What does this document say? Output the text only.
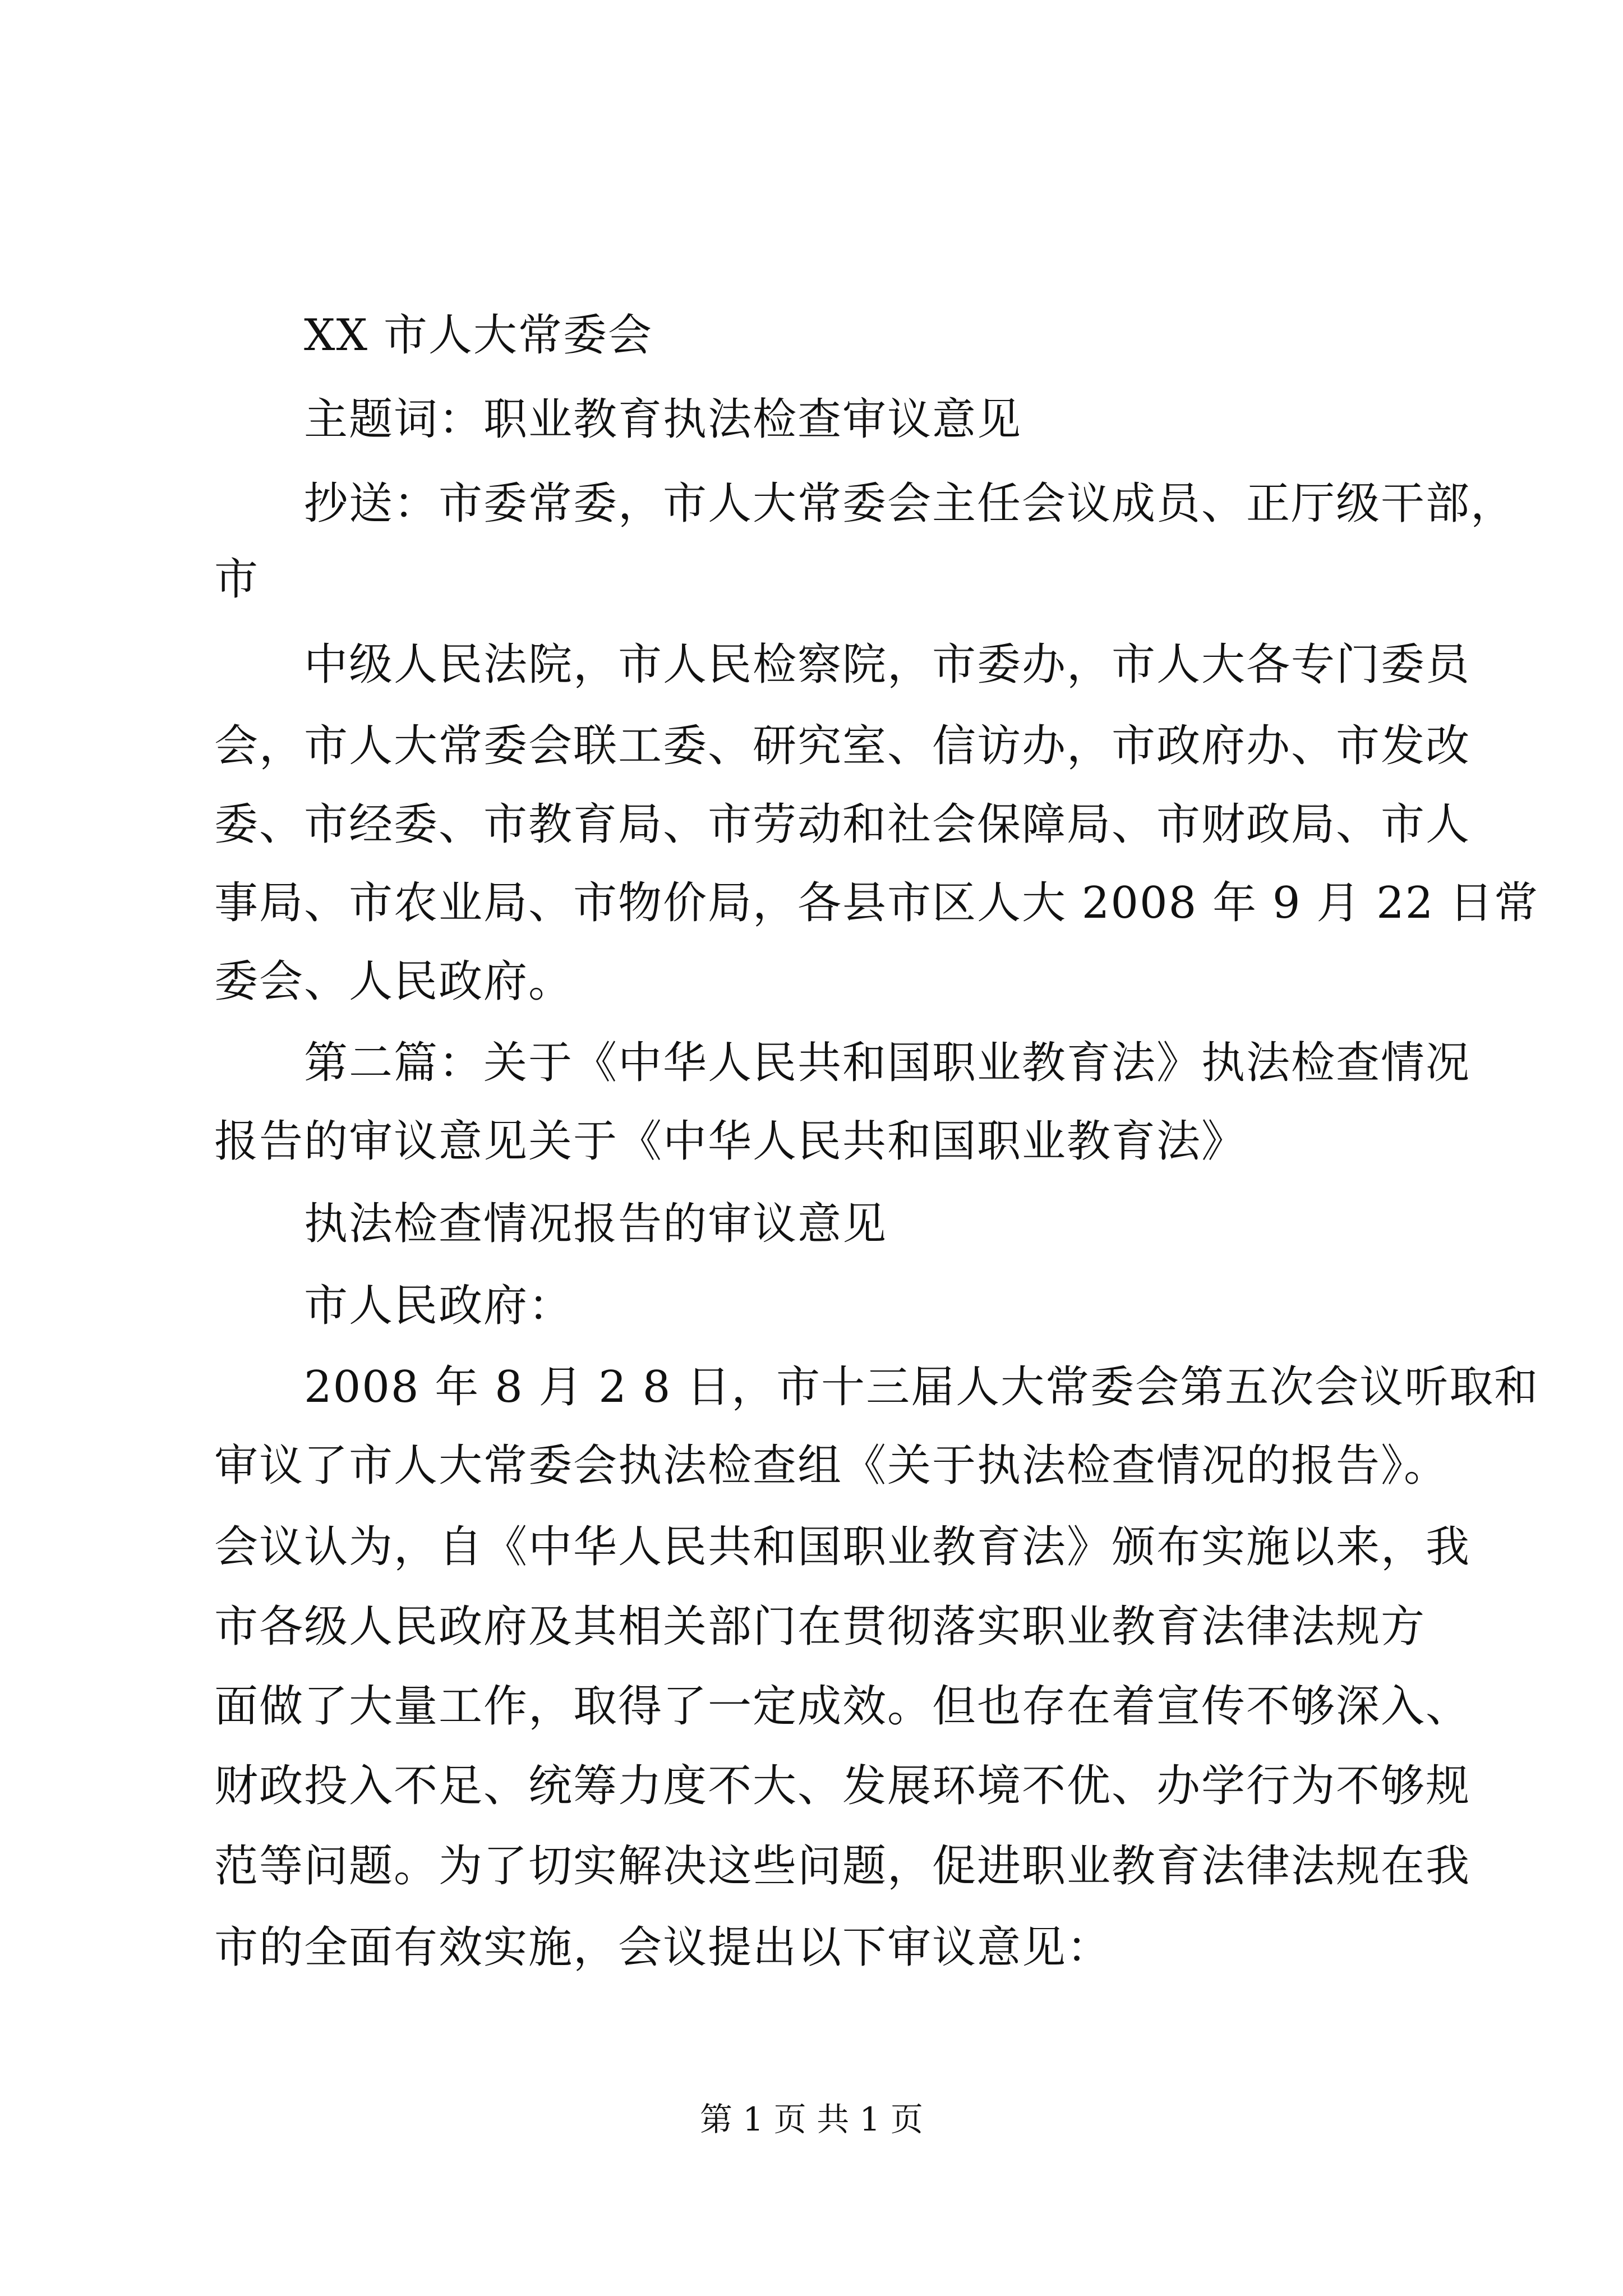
XX 市人大常委会
主题词：职业教育执法检查审议意见
抄送：市委常委，市人大常委会主任会议成员、正厅级干部，
市
中级人民法院，市人民检察院，市委办，市人大各专门委员
会，市人大常委会联工委、研究室、信访办，市政府办、市发改
委、市经委、市教育局、市劳动和社会保障局、市财政局、市人
事局、市农业局、市物价局，各县市区人大 2008 年 9 月 22 日常
委会、人民政府。
第二篇：关于《中华人民共和国职业教育法》执法检查情况
报告的审议意见关于《中华人民共和国职业教育法》
执法检查情况报告的审议意见
市人民政府：
2008 年 8 月 2 8 日，市十三届人大常委会第五次会议听取和
审议了市人大常委会执法检查组《关于执法检查情况的报告》。
会议认为，自《中华人民共和国职业教育法》颁布实施以来，我
市各级人民政府及其相关部门在贯彻落实职业教育法律法规方
面做了大量工作，取得了一定成效。但也存在着宣传不够深入、
财政投入不足、统筹力度不大、发展环境不优、办学行为不够规
范等问题。为了切实解决这些问题，促进职业教育法律法规在我
市的全面有效实施，会议提出以下审议意见：
第 1 页 共 1 页
